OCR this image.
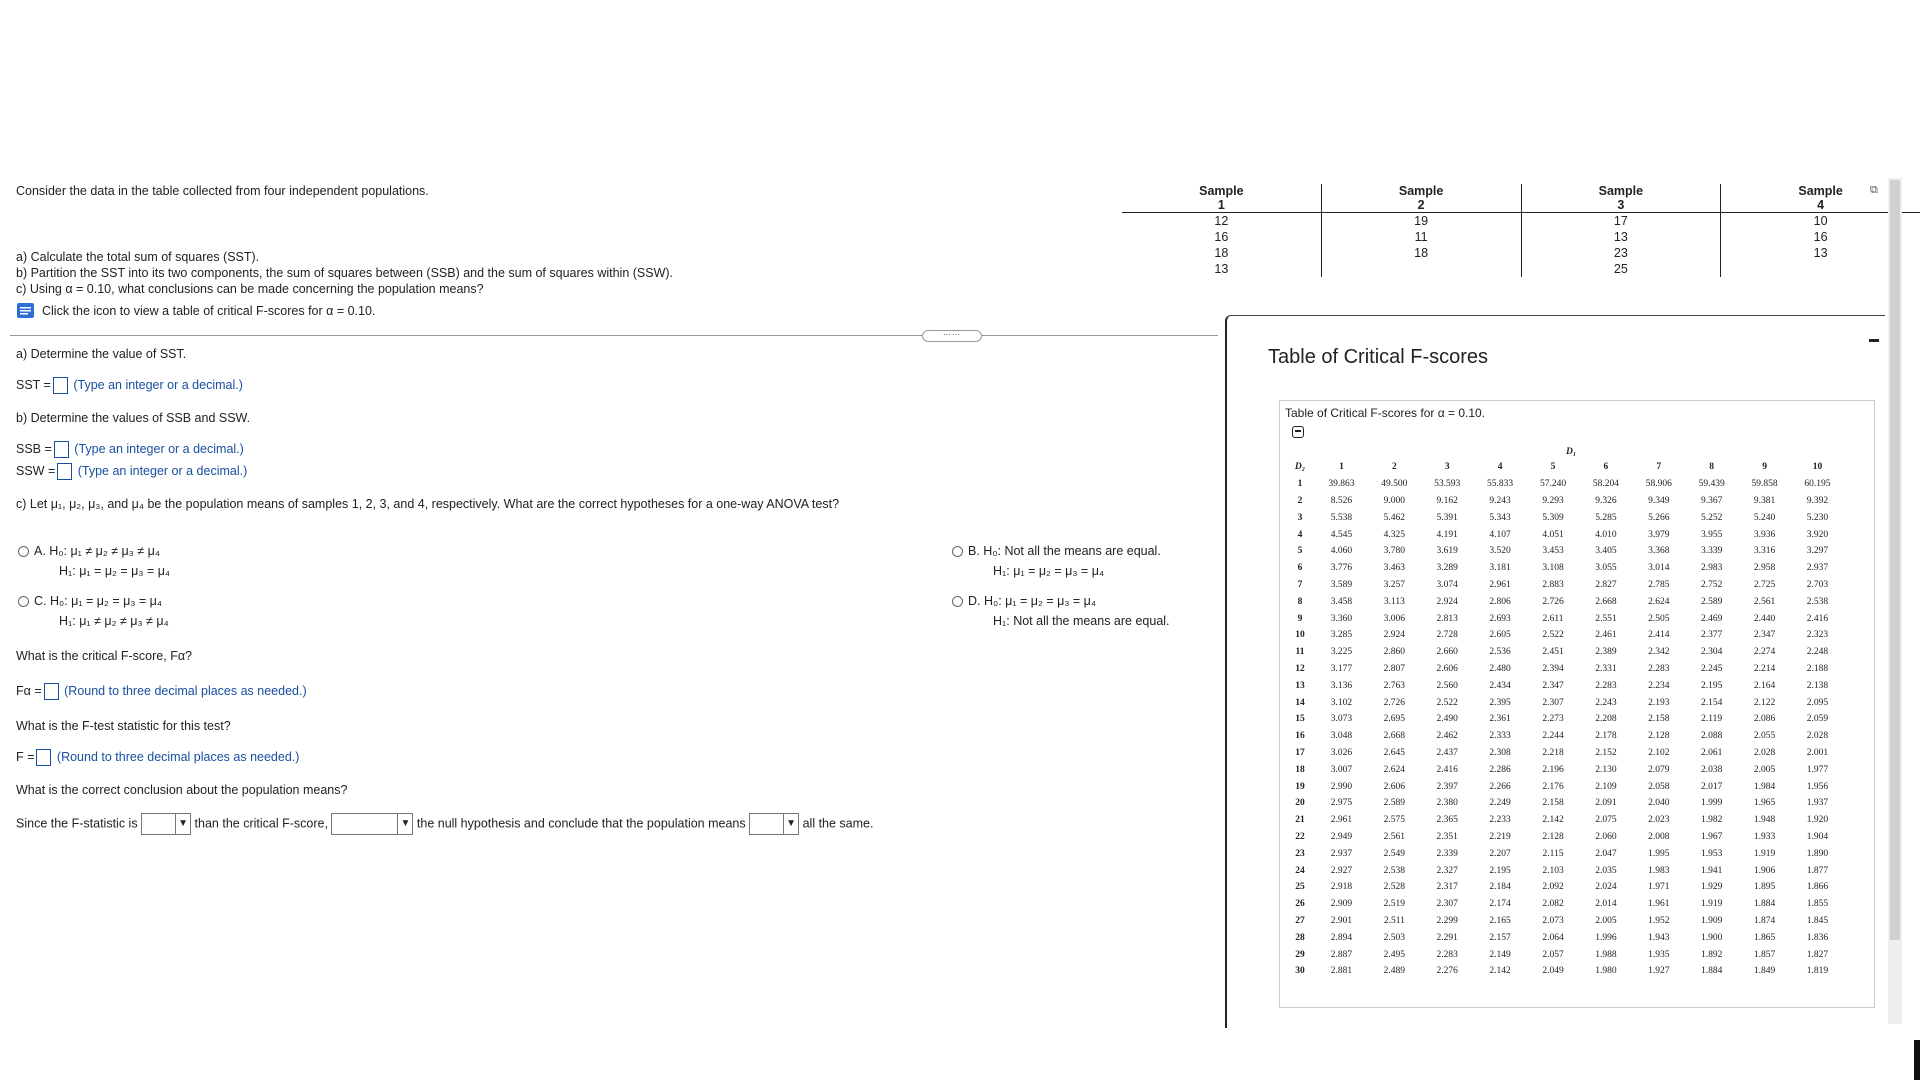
Consider the data in the table collected from four independent populations.
a) Calculate the total sum of squares (SST).
b) Partition the SST into its two components, the sum of squares between (SSB) and the sum of squares within (SSW).
c) Using α = 0.10, what conclusions can be made concerning the population means?
Click the icon to view a table of critical F-scores for α = 0.10.
Sample	Sample	Sample	Sample
1	2	3	4
12	19	17	10
16	11	13	16
18	18	23	13
13		25	
⧉
⋯⋯
a) Determine the value of SST.
SST = (Type an integer or a decimal.)
b) Determine the values of SSB and SSW.
SSB = (Type an integer or a decimal.)
SSW = (Type an integer or a decimal.)
c) Let μ₁, μ₂, μ₃, and μ₄ be the population means of samples 1, 2, 3, and 4, respectively. What are the correct hypotheses for a one-way ANOVA test?
A. H₀: μ₁ ≠ μ₂ ≠ μ₃ ≠ μ₄
H₁: μ₁ = μ₂ = μ₃ = μ₄
B. H₀: Not all the means are equal.
H₁: μ₁ = μ₂ = μ₃ = μ₄
C. H₀: μ₁ = μ₂ = μ₃ = μ₄
H₁: μ₁ ≠ μ₂ ≠ μ₃ ≠ μ₄
D. H₀: μ₁ = μ₂ = μ₃ = μ₄
H₁: Not all the means are equal.
What is the critical F-score, Fα?
Fα = (Round to three decimal places as needed.)
What is the F-test statistic for this test?
F = (Round to three decimal places as needed.)
What is the correct conclusion about the population means?
Since the F-statistic is	▼ than the critical F-score,	▼ the null hypothesis and conclude that the population means	▼ all the same.
Table of Critical F-scores
Table of Critical F-scores for α = 0.10.
D₁
D₂	1	2	3	4	5	6	7	8	9	10
1	39.863	49.500	53.593	55.833	57.240	58.204	58.906	59.439	59.858	60.195
2	8.526	9.000	9.162	9.243	9.293	9.326	9.349	9.367	9.381	9.392
3	5.538	5.462	5.391	5.343	5.309	5.285	5.266	5.252	5.240	5.230
4	4.545	4.325	4.191	4.107	4.051	4.010	3.979	3.955	3.936	3.920
5	4.060	3.780	3.619	3.520	3.453	3.405	3.368	3.339	3.316	3.297
6	3.776	3.463	3.289	3.181	3.108	3.055	3.014	2.983	2.958	2.937
7	3.589	3.257	3.074	2.961	2.883	2.827	2.785	2.752	2.725	2.703
8	3.458	3.113	2.924	2.806	2.726	2.668	2.624	2.589	2.561	2.538
9	3.360	3.006	2.813	2.693	2.611	2.551	2.505	2.469	2.440	2.416
10	3.285	2.924	2.728	2.605	2.522	2.461	2.414	2.377	2.347	2.323
11	3.225	2.860	2.660	2.536	2.451	2.389	2.342	2.304	2.274	2.248
12	3.177	2.807	2.606	2.480	2.394	2.331	2.283	2.245	2.214	2.188
13	3.136	2.763	2.560	2.434	2.347	2.283	2.234	2.195	2.164	2.138
14	3.102	2.726	2.522	2.395	2.307	2.243	2.193	2.154	2.122	2.095
15	3.073	2.695	2.490	2.361	2.273	2.208	2.158	2.119	2.086	2.059
16	3.048	2.668	2.462	2.333	2.244	2.178	2.128	2.088	2.055	2.028
17	3.026	2.645	2.437	2.308	2.218	2.152	2.102	2.061	2.028	2.001
18	3.007	2.624	2.416	2.286	2.196	2.130	2.079	2.038	2.005	1.977
19	2.990	2.606	2.397	2.266	2.176	2.109	2.058	2.017	1.984	1.956
20	2.975	2.589	2.380	2.249	2.158	2.091	2.040	1.999	1.965	1.937
21	2.961	2.575	2.365	2.233	2.142	2.075	2.023	1.982	1.948	1.920
22	2.949	2.561	2.351	2.219	2.128	2.060	2.008	1.967	1.933	1.904
23	2.937	2.549	2.339	2.207	2.115	2.047	1.995	1.953	1.919	1.890
24	2.927	2.538	2.327	2.195	2.103	2.035	1.983	1.941	1.906	1.877
25	2.918	2.528	2.317	2.184	2.092	2.024	1.971	1.929	1.895	1.866
26	2.909	2.519	2.307	2.174	2.082	2.014	1.961	1.919	1.884	1.855
27	2.901	2.511	2.299	2.165	2.073	2.005	1.952	1.909	1.874	1.845
28	2.894	2.503	2.291	2.157	2.064	1.996	1.943	1.900	1.865	1.836
29	2.887	2.495	2.283	2.149	2.057	1.988	1.935	1.892	1.857	1.827
30	2.881	2.489	2.276	2.142	2.049	1.980	1.927	1.884	1.849	1.819
